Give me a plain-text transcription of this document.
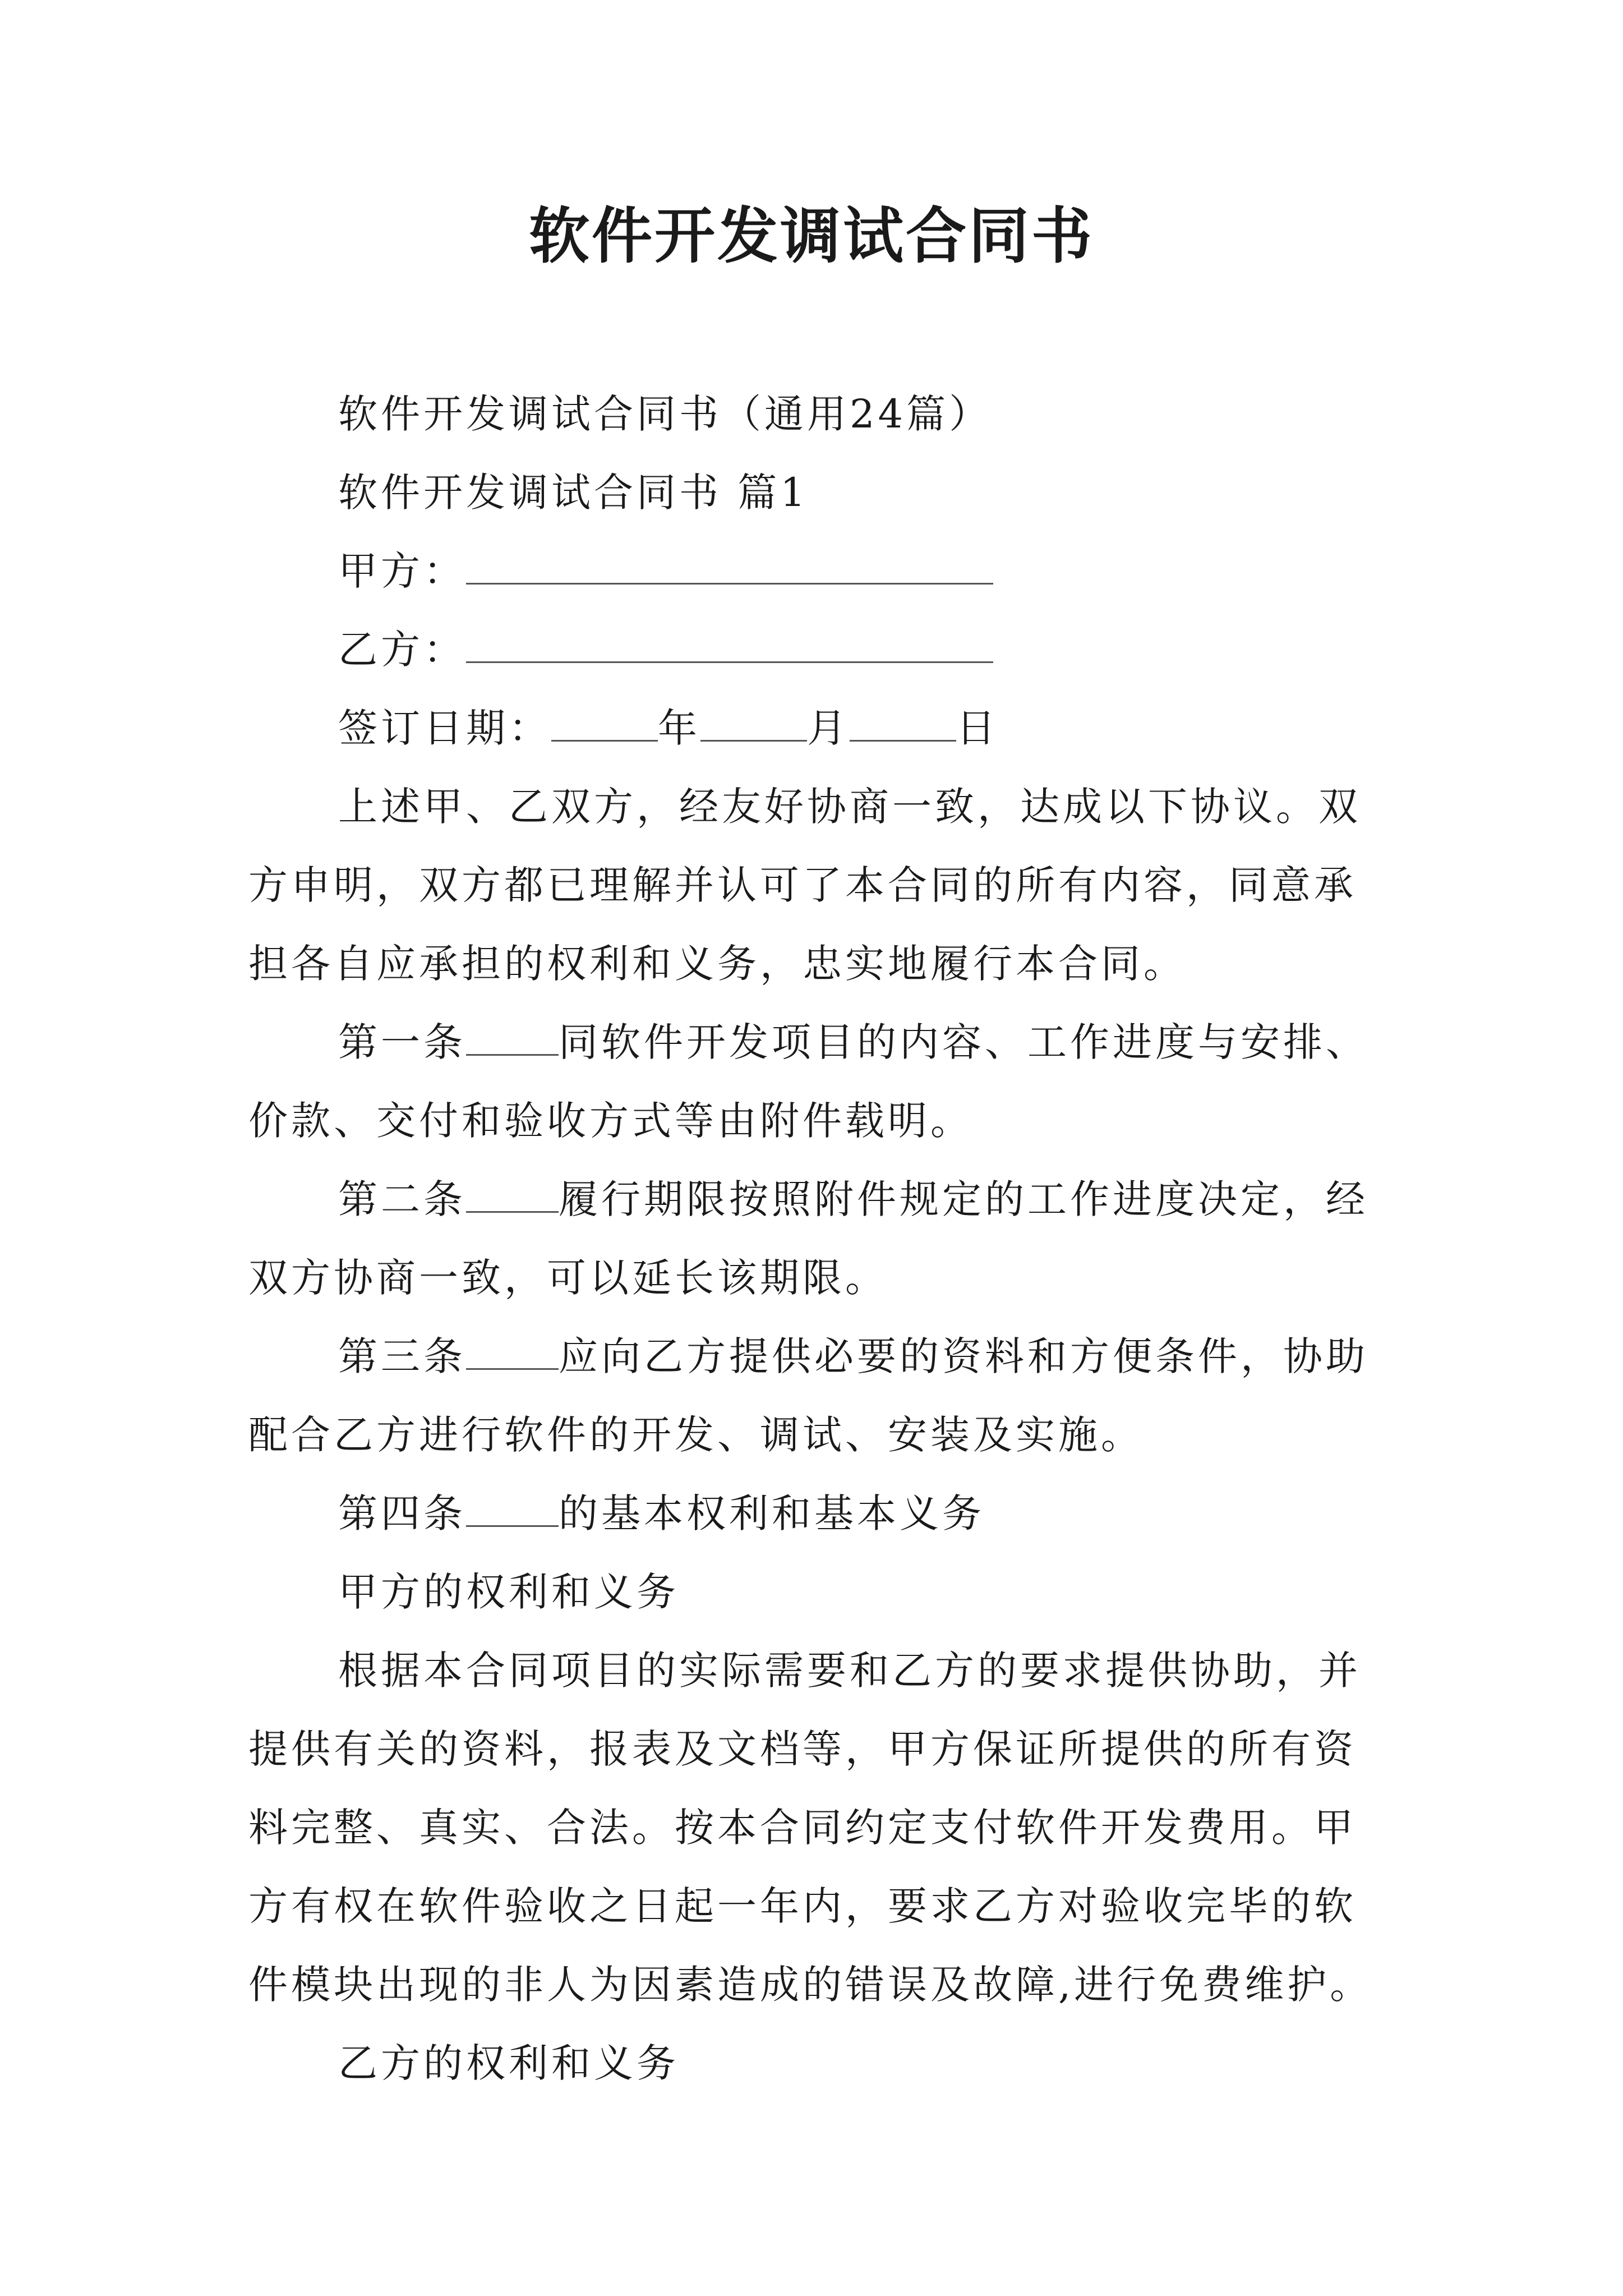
软件开发调试合同书
软件开发调试合同书（通用24篇）
软件开发调试合同书 篇1
甲方：
乙方：
签订日期：	年	月	日
上述甲、乙双方，经友好协商一致，达成以下协议。双
方申明，双方都已理解并认可了本合同的所有内容，同意承
担各自应承担的权利和义务，忠实地履行本合同。
第一条 同软件开发项目的内容、工作进度与安排、
价款、交付和验收方式等由附件载明。
第二条 履行期限按照附件规定的工作进度决定，经
双方协商一致，可以延长该期限。
第三条 应向乙方提供必要的资料和方便条件，协助
配合乙方进行软件的开发、调试、安装及实施。
第四条 的基本权利和基本义务
甲方的权利和义务
根据本合同项目的实际需要和乙方的要求提供协助，并
提供有关的资料，报表及文档等，甲方保证所提供的所有资
料完整、真实、合法。按本合同约定支付软件开发费用。甲
方有权在软件验收之日起一年内，要求乙方对验收完毕的软
件模块出现的非人为因素造成的错误及故障,进行免费维护。
乙方的权利和义务
